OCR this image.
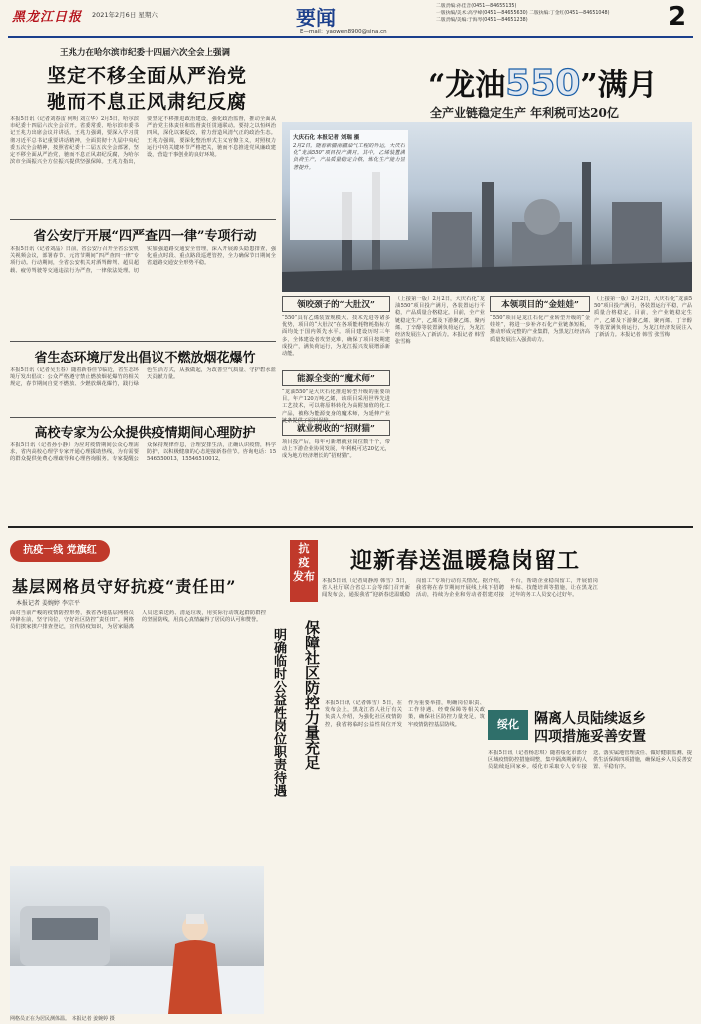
黑龙江日报 2021年2月6日 星期六	要闻
E—mail：yaowen8900@sina.cn
二版责编:孙佳音(0451—84655135)
一版执编/美术:高学峰(0451—84655630) 二版执编:丁金红(0451—84651048)
二版责编/美编:于海琴(0451—84651238)	2
王兆力在哈尔滨市纪委十四届六次全会上强调
坚定不移全面从严治党
驰而不息正风肃纪反腐
本报5日讯（记者刘春雷 何明 刘立华）2月5日，哈尔滨市纪委十四届六次全会召开。省委常委、哈尔滨市委书记王兆力出席会议并讲话。王兆力强调，要深入学习贯彻习近平总书记重要讲话精神，全面贯彻十九届中央纪委五次全会精神，按照省纪委十二届五次全会部署，坚定不移全面从严治党，驰而不息正风肃纪反腐，为哈尔滨市全面振兴全方位振兴提供坚强保障。王兆力指出，要坚定不移推进政治建设，强化政治监督，推动全面从严治党主体责任和监督责任贯通联动。要持之以恒纠治四风，深化以案促改，着力营造风清气正的政治生态。王兆力强调，要深化整治形式主义官僚主义，对照权力运行中的关键环节严格把关，驰而不息推进党风廉政建设，营造干事创业的良好环境。
省公安厅开展“四严查四一律”专项行动
本报5日讯（记者刘晶）日前，省公安厅召开全省公安机关视频会议，部署春节、元宵节期间“四严查四一律”专项行动。行动期间，全省公安机关对酒驾醉驾、超员超载、疲劳驾驶等交通违法行为严查，一律依法处理。切实加强道路交通安全管理，深入开展源头隐患排查，强化重点时段、重点路段巡逻管控，全力确保节日期间全省道路交通安全形势平稳。
省生态环境厅发出倡议不燃放烟花爆竹
本报5日讯（记者吴玉春）随着新春佳节临近，省生态环境厅发出倡议：公众严格遵守禁止燃放烟花爆竹的相关规定，春节期间自觉不燃放、少燃放烟花爆竹，践行绿色生活方式，从我做起，为改善空气质量、守护碧水蓝天贡献力量。
高校专家为公众提供疫情期间心理防护
本报5日讯（记者孙小静）为应对疫情期间公众心理需求，省内高校心理学专家开通心理援助热线，为有需要的群众提供免费心理疏导和心理咨询服务。专家提醒公众保持规律作息，合理安排生活，正确认识疫情，科学防护，以积极健康的心态迎接新春佳节。咨询电话：15546550013，15546510012。
“龙油550”满月
全产业链稳定生产 年利税可达20亿
大庆石化 本报记者 刘瑞 摄
2月2日，随着新疆南疆油气工程的外运，大庆石化“龙油550”项目投产满月。其中，乙烯装置满负荷生产，产品质量稳定合格，炼化生产能力显著提升。
领咬颈子的“大肚汉”
“550”具有乙烯装置规模大、技术先进等诸多优势，项目的“大肚汉”在各项能耗物耗指标方面均处于国内领先水平。项目建设历时三年多，全体建设者攻坚克难，确保了项目按期建成投产，满负荷运行，为龙江振兴发展增添新动能。
能源全变的“魔术师”
“龙油550”是大庆石化推进转型升级的重要项目。年产120万吨乙烯，该项目采用世界先进工艺技术，可以将原料转化为高附加值的化工产品，被称为能源变身的魔术师，为延伸产业链条提供了原料保障。
就业税收的“招财猫”
项目投产后，每年可新增就业岗位数千个，带动上下游企业协同发展，年利税可达20亿元，成为地方经济增长的“招财猫”。
（上接第一版）2月2日，大庆石化“龙油550”项目投产满月，各装置运行平稳，产品质量合格稳定。目前，全产业链稳定生产，乙烯及下游聚乙烯、聚丙烯、丁辛醇等装置满负荷运行，为龙江经济发展注入了新活力。本报记者 韩雪 张雪梅
本领项目的“金娃娃”
“550”项目是龙江石化产业转型升级的“金娃娃”，将进一步补齐石化产业链条短板，推动形成完整的产业集群，为黑龙江经济高质量发展注入强劲动力。
（上接第一版）2月2日，大庆石化“龙油550”项目投产满月，各装置运行平稳，产品质量合格稳定。目前，全产业链稳定生产，乙烯及下游聚乙烯、聚丙烯、丁辛醇等装置满负荷运行，为龙江经济发展注入了新活力。本报记者 韩雪 张雪梅
抗
疫
发布
迎新春送温暖稳岗留工
本报5日讯（记者周静涛 韩雪）5日，省人社厅联合省总工会等部门召开新闻发布会，通报我省“迎新春送温暖稳岗留工”专项行动有关情况。据介绍，我省将在春节期间开展线上线下招聘活动，持续为企业和劳动者搭建对接平台，帮助企业稳岗留工，开展留岗补贴、技能培训等措施，让在黑龙江过年的务工人员安心过好年。
保障社区防控力量充足
明确临时公益性岗位职责待遇	本报5日讯（记者韩雪）5日，在发布会上，黑龙江省人社厅有关负责人介绍，为强化社区疫情防控，我省将临时公益性岗位开发作为重要举措，明确岗位职责、工作待遇、经费保障等相关政策，确保社区防控力量充足，筑牢疫情防控基层防线。
抗疫一线 党旗红
基层网格员守好抗疫“责任田”
本报记者 姜婉婷 李宗平
面对当前严峻的疫情防控形势，我省各地基层网格员冲锋在前，坚守岗位，守好社区防控“责任田”。网格员们挨家挨户排查登记，宣传防疫知识，为居家隔离人员送菜送药、清运垃圾，用实际行动筑起群防群控的坚固防线，用真心真情赢得了居民的认可和赞誉。
网格员正在为居民测体温。 本报记者 姜婉婷 摄
绥化	隔离人员陆续返乡
四项措施妥善安置
本报5日讯（记者杨思琪）随着绥化市部分区域疫情防控措施调整，集中隔离期满的人员陆续返回家乡。绥化市采取专人专车接送、落实属地管理责任、做好健康监测、提供生活保障四项措施，确保返乡人员妥善安置、平稳有序。
